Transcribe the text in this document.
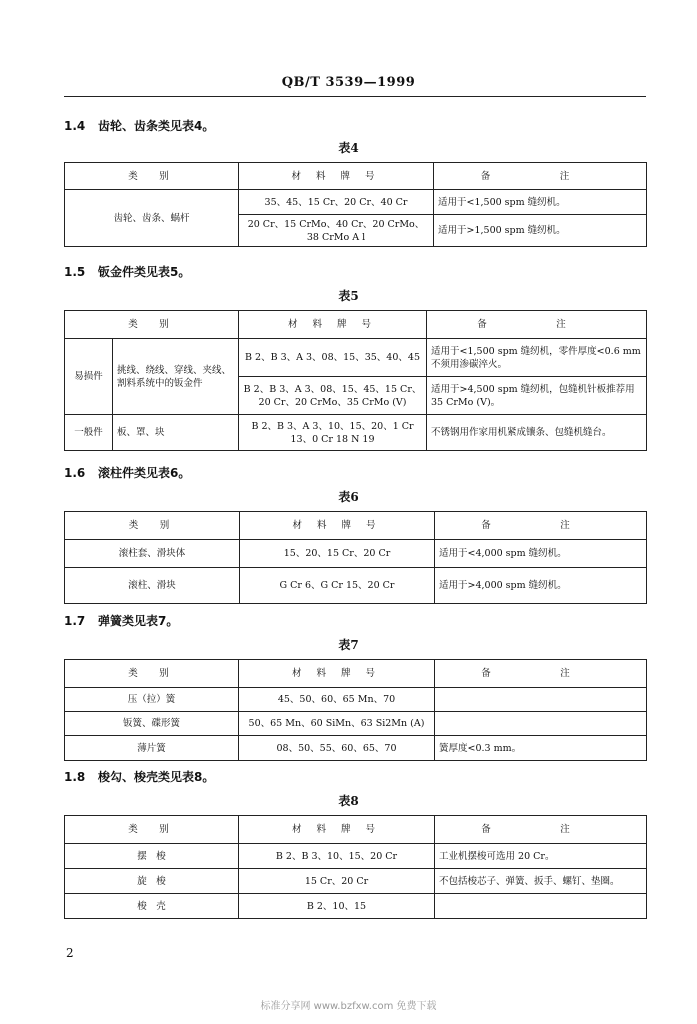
QB/T 3539—1999
1.4 齿轮、齿条类见表4。
表4
类　别	材 料 牌 号	备　注
齿轮、齿条、蜗杆	35、45、15 Cr、20 Cr、40 Cr	适用于<1,500 spm 缝纫机。
	20 Cr、15 CrMo、40 Cr、20 CrMo、38 CrMo A l	适用于>1,500 spm 缝纫机。
1.5 钣金件类见表5。
表5
类　别		材 料 牌 号	备　注
易损件	挑线、绕线、穿线、夹线、割料系统中的钣金件	B 2、B 3、A 3、08、15、35、40、45	适用于<1,500 spm 缝纫机，零件厚度<0.6 mm 不须用渗碳淬火。
		B 2、B 3、A 3、08、15、45、15 Cr、20 Cr、20 CrMo、35 CrMo (V)	适用于>4,500 spm 缝纫机，包缝机针板推荐用 35 CrMo (V)。
一般件	板、罩、块	B 2、B 3、A 3、10、15、20、1 Cr 13、0 Cr 18 N 19	不锈钢用作家用机紧成镶条、包缝机缝台。
1.6 滚柱件类见表6。
表6
类　别	材 料 牌 号	备　注
滚柱套、滑块体	15、20、15 Cr、20 Cr	适用于<4,000 spm 缝纫机。
滚柱、滑块	G Cr 6、G Cr 15、20 Cr	适用于>4,000 spm 缝纫机。
1.7 弹簧类见表7。
表7
类　别	材 料 牌 号	备　注
压（拉）簧	45、50、60、65 Mn、70	
钣簧、碟形簧	50、65 Mn、60 SiMn、63 Si2Mn (A)	
薄片簧	08、50、55、60、65、70	簧厚度<0.3 mm。
1.8 梭勾、梭壳类见表8。
表8
类　别	材 料 牌 号	备　注
摆　梭	B 2、B 3、10、15、20 Cr	工业机摆梭可选用 20 Cr。
旋　梭	15 Cr、20 Cr	不包括梭芯子、弹簧、扳手、螺钉、垫圈。
梭　壳	B 2、10、15	
2
标准分享网 www.bzfxw.com 免费下载
